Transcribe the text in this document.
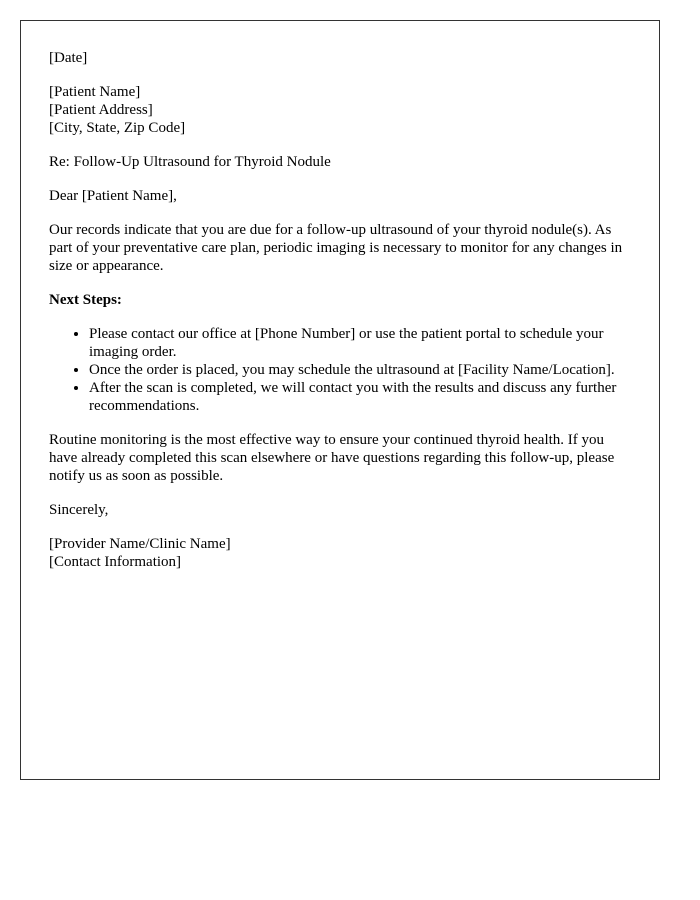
[Date]
[Patient Name]
[Patient Address]
[City, State, Zip Code]

Re: Follow-Up Ultrasound for Thyroid Nodule

Dear [Patient Name],

Our records indicate that you are due for a follow-up ultrasound of your thyroid nodule(s). As part of your preventative care plan, periodic imaging is necessary to monitor for any changes in size or appearance.

Next Steps:
• Please contact our office at [Phone Number] or use the patient portal to schedule your imaging order.
• Once the order is placed, you may schedule the ultrasound at [Facility Name/Location].
• After the scan is completed, we will contact you with the results and discuss any further recommendations.

Routine monitoring is the most effective way to ensure your continued thyroid health. If you have already completed this scan elsewhere or have questions regarding this follow-up, please notify us as soon as possible.

Sincerely,

[Provider Name/Clinic Name]
[Contact Information]
